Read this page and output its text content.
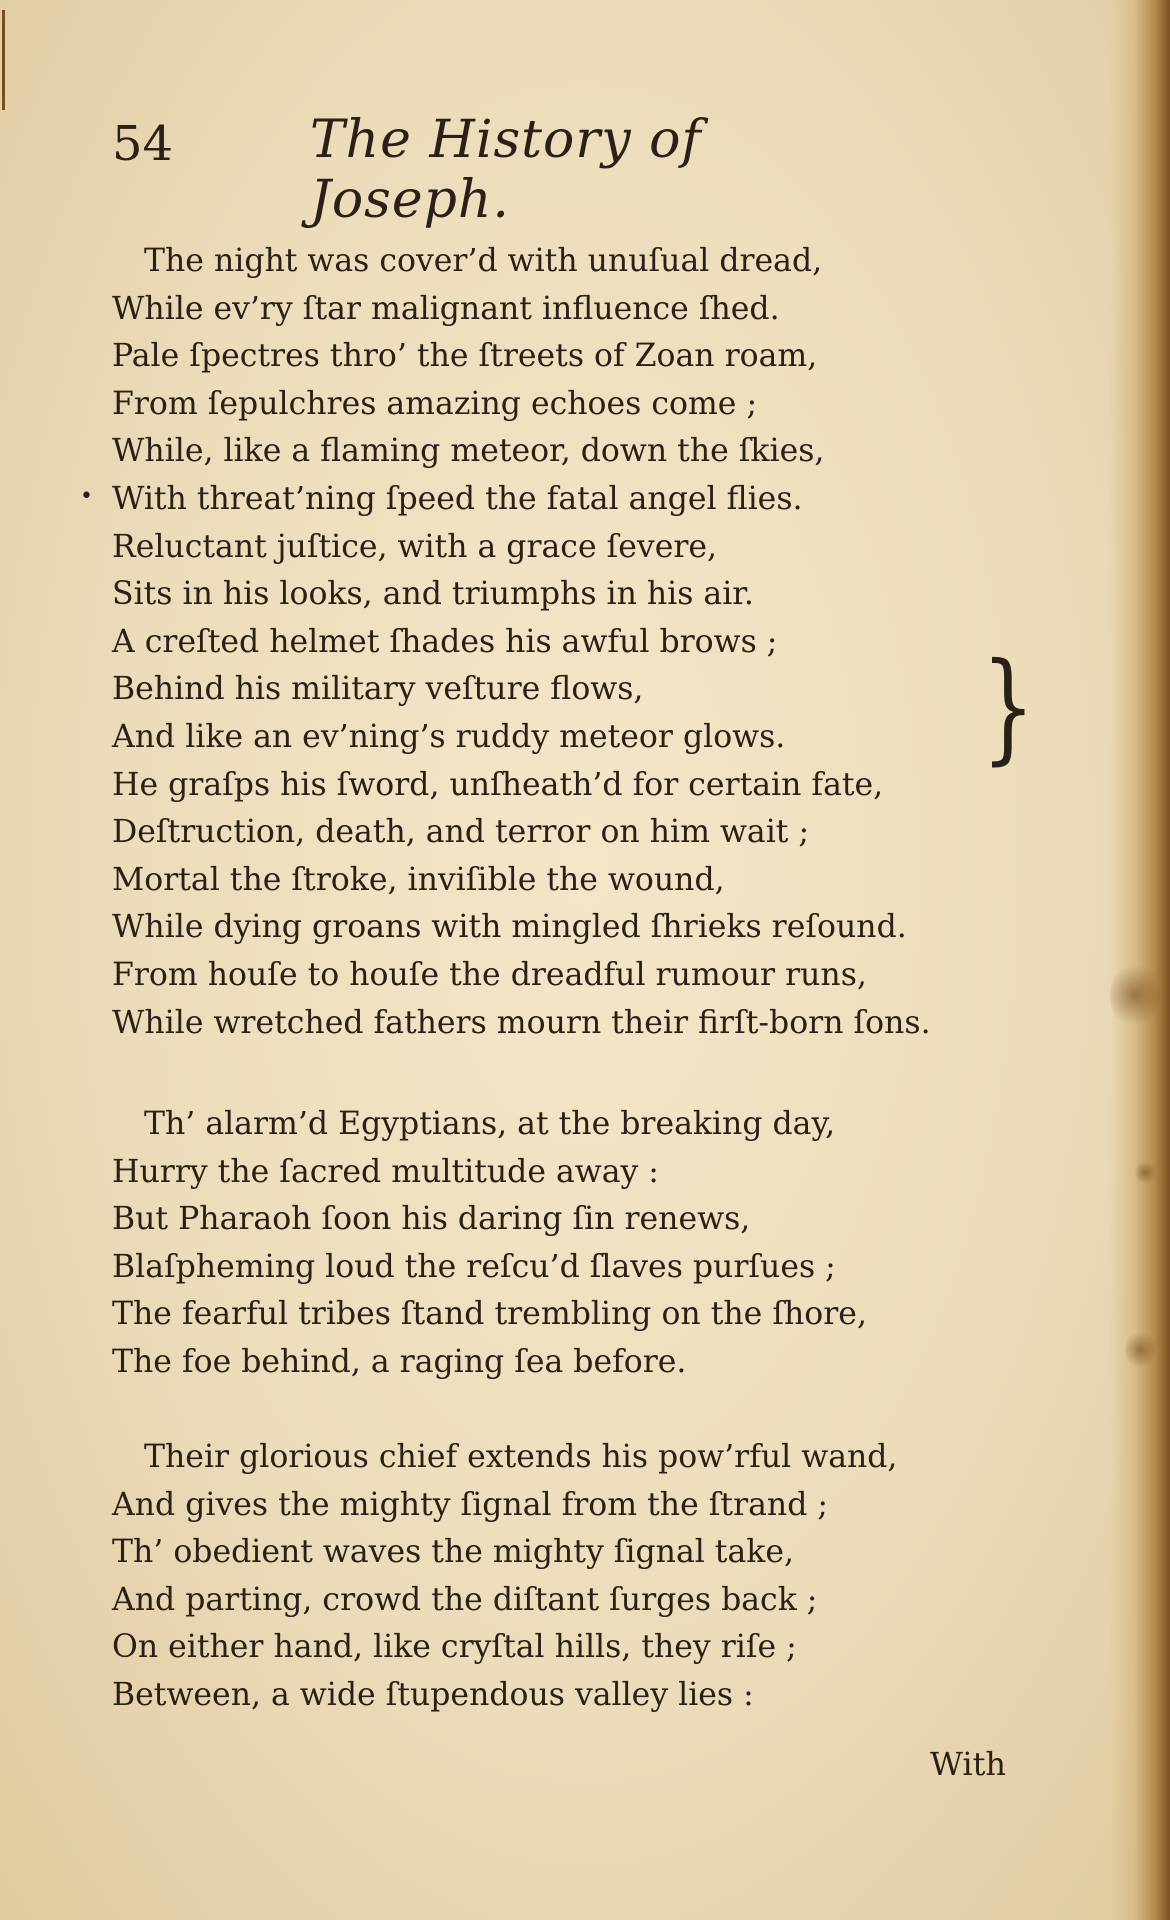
54	The History of Joseph.
•
}
The night was cover’d with unuſual dread,
While ev’ry ſtar malignant influence ſhed.
Pale ſpectres thro’ the ſtreets of Zoan roam,
From ſepulchres amazing echoes come ;
While, like a flaming meteor, down the ſkies,
With threat’ning ſpeed the fatal angel flies.
Reluctant juſtice, with a grace ſevere,
Sits in his looks, and triumphs in his air.
A creſted helmet ſhades his awful brows ;
Behind his military veſture flows,
And like an ev’ning’s ruddy meteor glows.
He graſps his ſword, unſheath’d for certain fate,
Deſtruction, death, and terror on him wait ;
Mortal the ſtroke, inviſible the wound,
While dying groans with mingled ſhrieks reſound.
From houſe to houſe the dreadful rumour runs,
While wretched fathers mourn their firſt-born ſons.
Th’ alarm’d Egyptians, at the breaking day,
Hurry the ſacred multitude away :
But Pharaoh ſoon his daring ſin renews,
Blaſpheming loud the reſcu’d ſlaves purſues ;
The fearful tribes ſtand trembling on the ſhore,
The foe behind, a raging ſea before.
Their glorious chief extends his pow’rful wand,
And gives the mighty ſignal from the ſtrand ;
Th’ obedient waves the mighty ſignal take,
And parting, crowd the diſtant ſurges back ;
On either hand, like cryſtal hills, they riſe ;
Between, a wide ſtupendous valley lies :
With
